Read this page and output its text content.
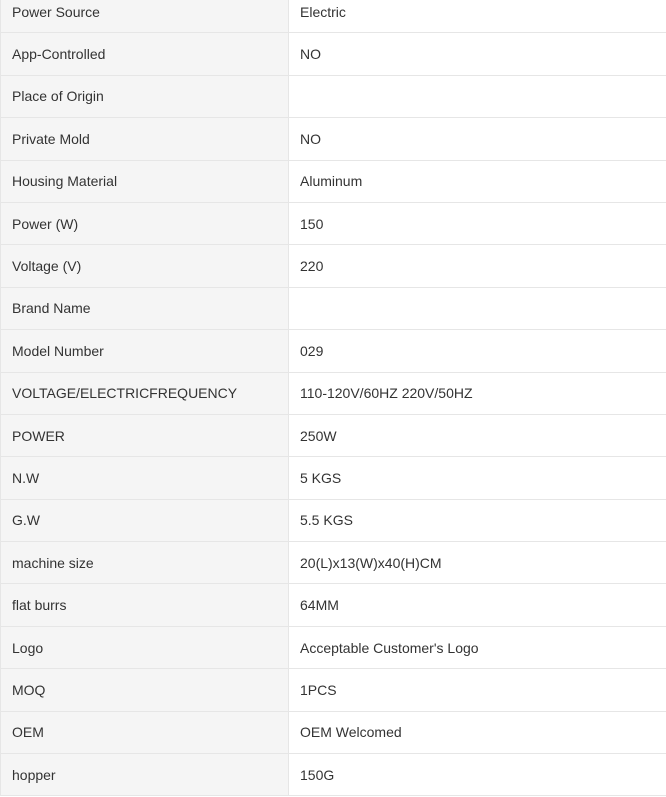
Power Source	Electric
App-Controlled	NO
Place of Origin	
Private Mold	NO
Housing Material	Aluminum
Power (W)	150
Voltage (V)	220
Brand Name	
Model Number	029
VOLTAGE/ELECTRICFREQUENCY	110-120V/60HZ 220V/50HZ
POWER	250W
N.W	5 KGS
G.W	5.5 KGS
machine size	20(L)x13(W)x40(H)CM
flat burrs	64MM
Logo	Acceptable Customer's Logo
MOQ	1PCS
OEM	OEM Welcomed
hopper	150G
